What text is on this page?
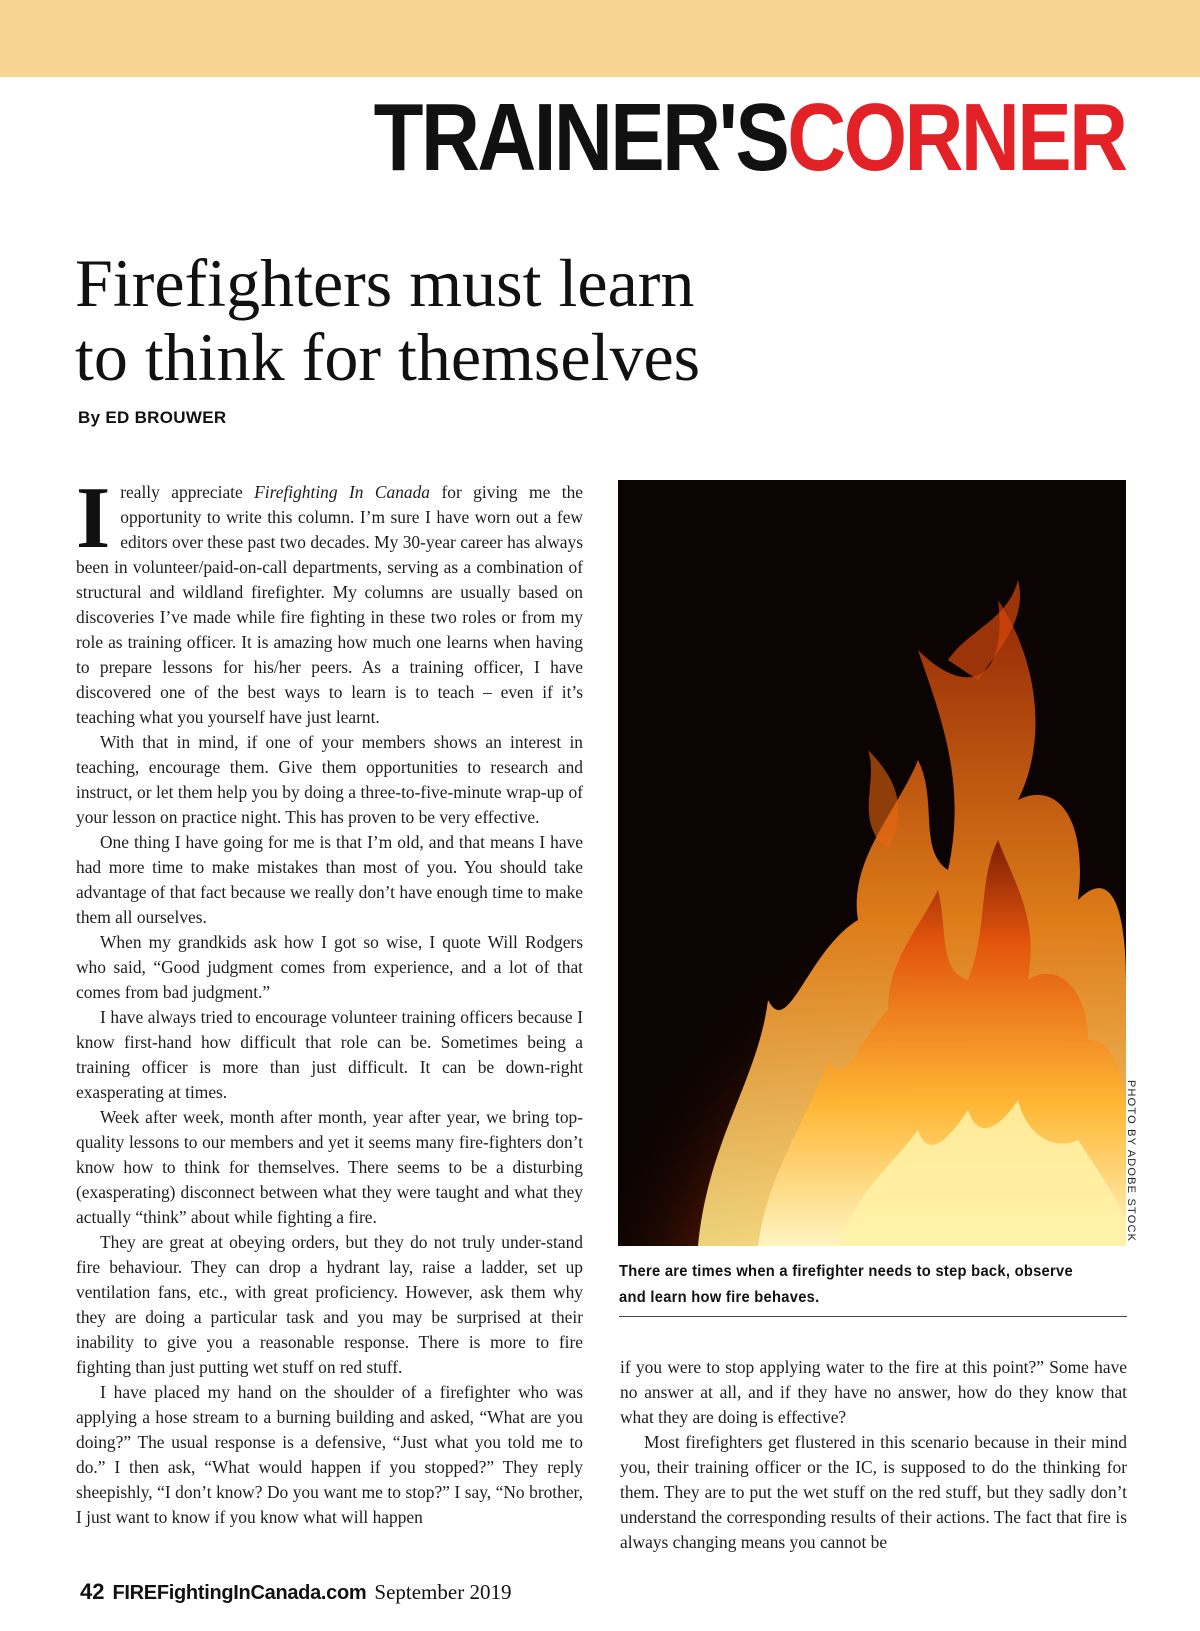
TRAINER'SCORNER
Firefighters must learn
to think for themselves
By ED BROUWER

Ireally appreciate Firefighting In Canada for giving me the opportunity to write this column. I’m sure I have worn out a few editors over these past two decades. My 30-year career has always been in volunteer/paid-on-call departments, serving as a combination of structural and wildland firefighter. My columns are usually based on discoveries I’ve made while fire fighting in these two roles or from my role as training officer. It is amazing how much one learns when having to prepare lessons for his/her peers. As a training officer, I have discovered one of the best ways to learn is to teach – even if it’s teaching what you yourself have just learnt.

With that in mind, if one of your members shows an interest in teaching, encourage them. Give them opportunities to research and instruct, or let them help you by doing a three-to-five-minute wrap-up of your lesson on practice night. This has proven to be very effective.

One thing I have going for me is that I’m old, and that means I have had more time to make mistakes than most of you. You should take advantage of that fact because we really don’t have enough time to make them all ourselves.

When my grandkids ask how I got so wise, I quote Will Rodgers who said, “Good judgment comes from experience, and a lot of that comes from bad judgment.”

I have always tried to encourage volunteer training officers because I know first-hand how difficult that role can be. Sometimes being a training officer is more than just difficult. It can be down-right exasperating at times.

Week after week, month after month, year after year, we bring top-quality lessons to our members and yet it seems many fire-fighters don’t know how to think for themselves. There seems to be a disturbing (exasperating) disconnect between what they were taught and what they actually “think” about while fighting a fire.

They are great at obeying orders, but they do not truly under-stand fire behaviour. They can drop a hydrant lay, raise a ladder, set up ventilation fans, etc., with great proficiency. However, ask them why they are doing a particular task and you may be surprised at their inability to give you a reasonable response. There is more to fire fighting than just putting wet stuff on red stuff.

I have placed my hand on the shoulder of a firefighter who was applying a hose stream to a burning building and asked, “What are you doing?” The usual response is a defensive, “Just what you told me to do.” I then ask, “What would happen if you stopped?” They reply sheepishly, “I don’t know? Do you want me to stop?” I say, “No brother, I just want to know if you know what will happen

PHOTO BY ADOBE STOCK
There are times when a firefighter needs to step back, observe and learn how fire behaves.

if you were to stop applying water to the fire at this point?” Some have no answer at all, and if they have no answer, how do they know that what they are doing is effective?

Most firefighters get flustered in this scenario because in their mind you, their training officer or the IC, is supposed to do the thinking for them. They are to put the wet stuff on the red stuff, but they sadly don’t understand the corresponding results of their actions. The fact that fire is always changing means you cannot be

42 FIREFightingInCanada.com September 2019
